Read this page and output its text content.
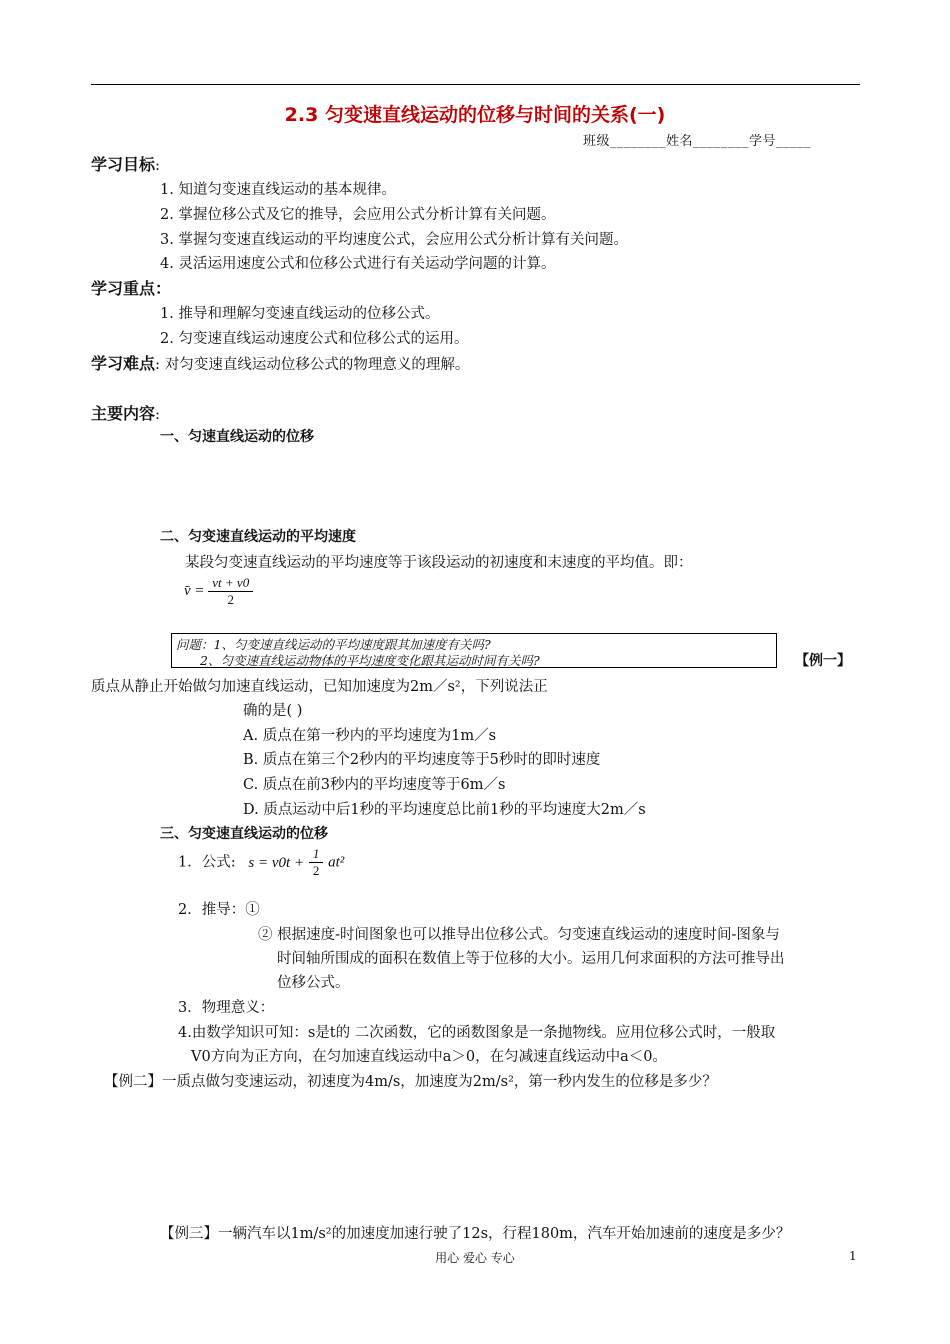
2.3 匀变速直线运动的位移与时间的关系(一)
班级________姓名________学号_____
学习目标:
1. 知道匀变速直线运动的基本规律。
2. 掌握位移公式及它的推导，会应用公式分析计算有关问题。
3. 掌握匀变速直线运动的平均速度公式，会应用公式分析计算有关问题。
4. 灵活运用速度公式和位移公式进行有关运动学问题的计算。
学习重点：
1. 推导和理解匀变速直线运动的位移公式。
2. 匀变速直线运动速度公式和位移公式的运用。
学习难点: 对匀变速直线运动位移公式的物理意义的理解。
主要内容:
一、匀速直线运动的位移
二、匀变速直线运动的平均速度
某段匀变速直线运动的平均速度等于该段运动的初速度和末速度的平均值。即：
v̄ = $\frac{vt + v0}{2}$
问题：1、匀变速直线运动的平均速度跟其加速度有关吗?
2、匀变速直线运动物体的平均速度变化跟其运动时间有关吗?	【例一】
质点从静止开始做匀加速直线运动，已知加速度为2m／s²，下列说法正
确的是( )
A. 质点在第一秒内的平均速度为1m／s
B. 质点在第三个2秒内的平均速度等于5秒时的即时速度
C. 质点在前3秒内的平均速度等于6m／s
D. 质点运动中后1秒的平均速度总比前1秒的平均速度大2m／s
三、匀变速直线运动的位移
1．公式: $s = v0t + \frac{1}{2} at^2$
2．推导：①
② 根据速度-时间图象也可以推导出位移公式。匀变速直线运动的速度时间-图象与
时间轴所围成的面积在数值上等于位移的大小。运用几何求面积的方法可推导出
位移公式。
3．物理意义：
4.由数学知识可知：s是t的 二次函数，它的函数图象是一条抛物线。应用位移公式时，一般取
V0方向为正方向，在匀加速直线运动中a＞0，在匀减速直线运动中a＜0。
【例二】一质点做匀变速运动，初速度为4m/s，加速度为2m/s²，第一秒内发生的位移是多少？
【例三】一辆汽车以1m/s²的加速度加速行驶了12s，行程180m，汽车开始加速前的速度是多少？
用心 爱心 专心	1
